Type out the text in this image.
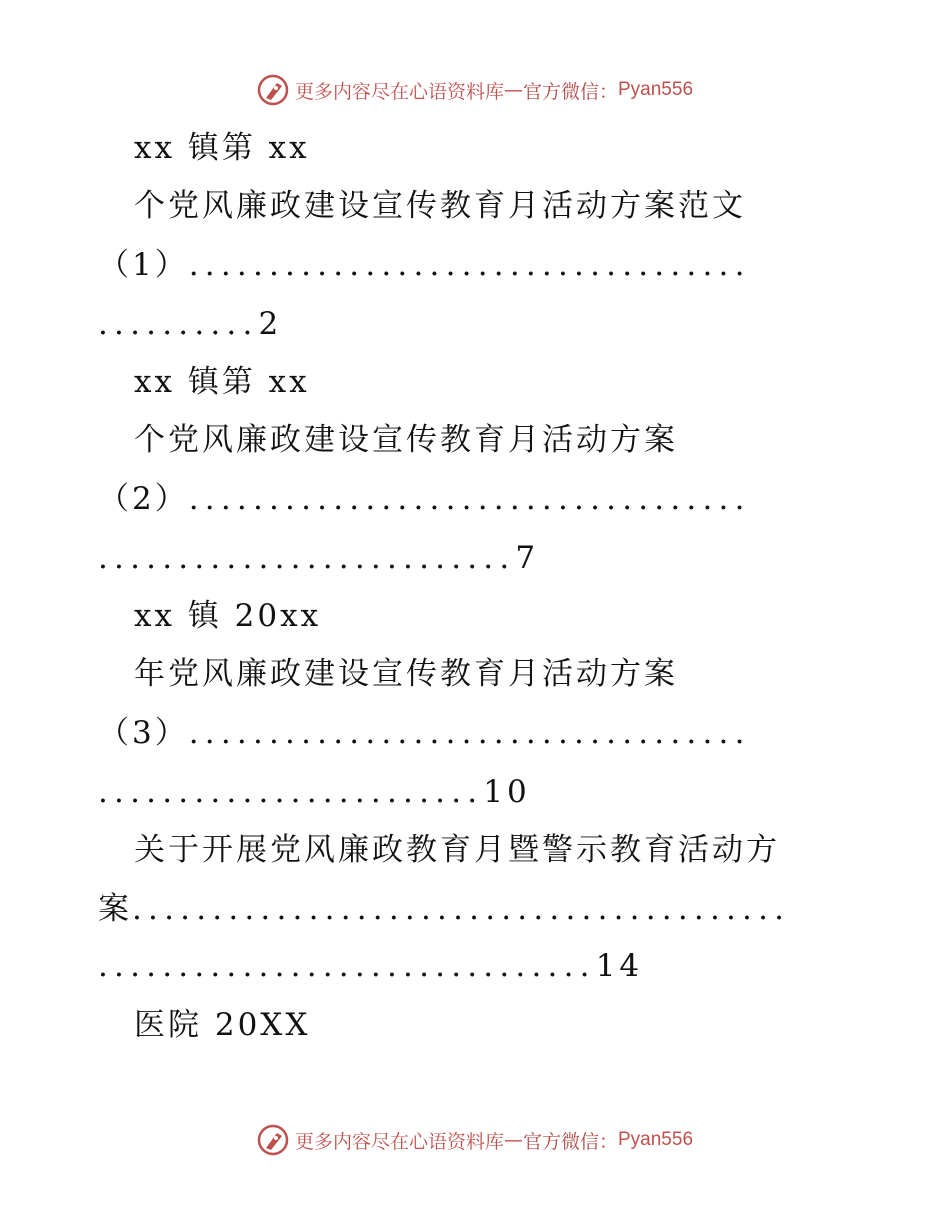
更多内容尽在心语资料库 — 官方微信： Pyan556
xx 镇第 xx
个党风廉政建设宣传教育月活动方案范文
（1）...................................
..........2
xx 镇第 xx
个党风廉政建设宣传教育月活动方案
（2）...................................
..........................7
xx 镇 20xx
年党风廉政建设宣传教育月活动方案
（3）...................................
........................10
关于开展党风廉政教育月暨警示教育活动方
案.........................................
...............................14
医院 20XX
更多内容尽在心语资料库 — 官方微信： Pyan556
